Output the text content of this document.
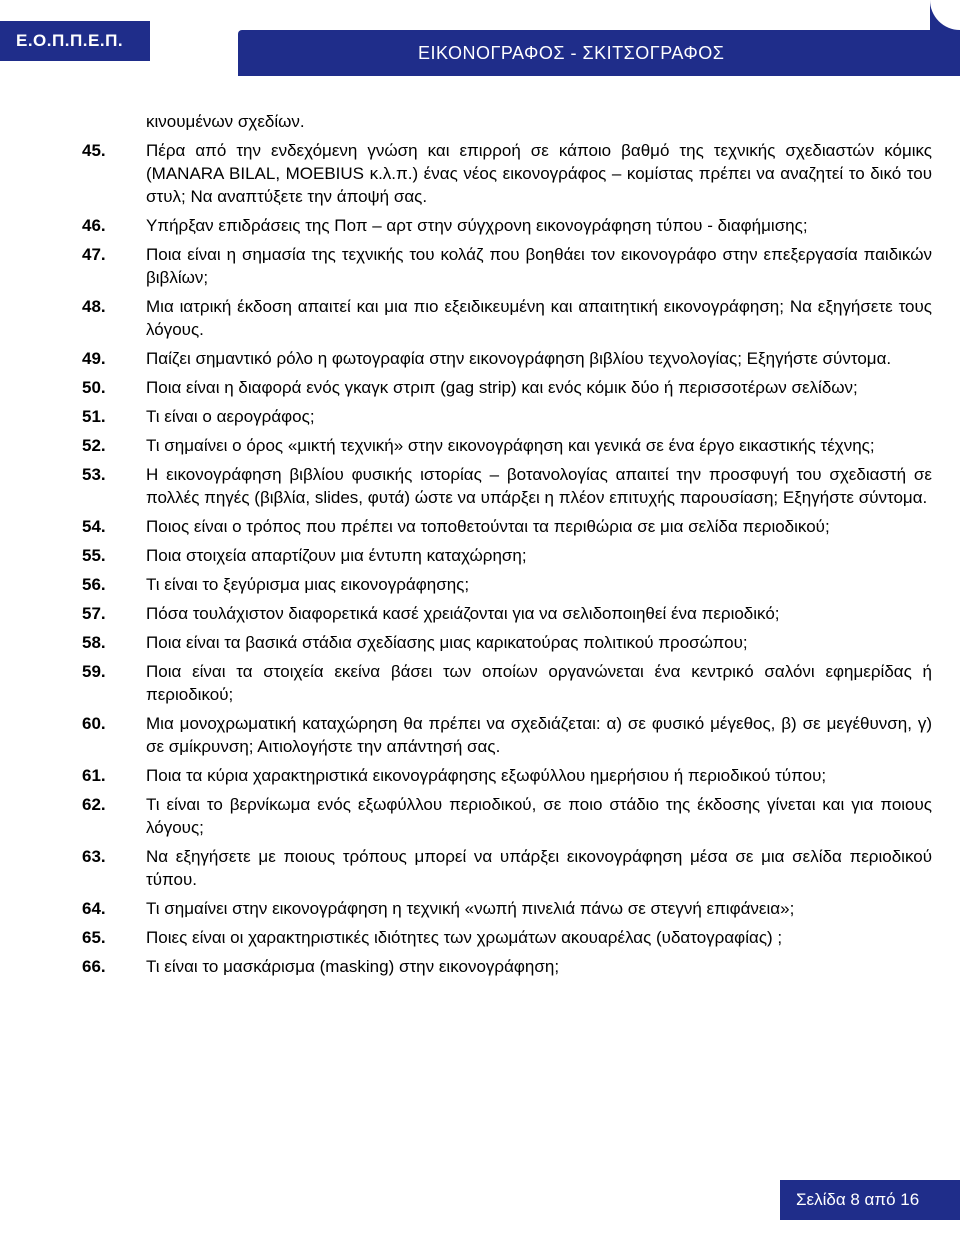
Ε.Ο.Π.Π.Ε.Π.
ΕΙΚΟΝΟΓΡΑΦΟΣ - ΣΚΙΤΣΟΓΡΑΦΟΣ
κινουμένων σχεδίων.
45.	Πέρα από την ενδεχόμενη γνώση και επιρροή σε κάποιο βαθμό της τεχνικής σχεδιαστών κόμικς (MANARA BILAL, MOEBIUS κ.λ.π.) ένας νέος εικονογράφος – κομίστας πρέπει να αναζητεί το δικό του στυλ; Να αναπτύξετε την άποψή σας.
46.	Υπήρξαν επιδράσεις της Ποπ – αρτ στην σύγχρονη εικονογράφηση τύπου - διαφήμισης;
47.	Ποια είναι η σημασία της τεχνικής του κολάζ που βοηθάει τον εικονογράφο στην επεξεργασία παιδικών βιβλίων;
48.	Μια ιατρική έκδοση απαιτεί και μια πιο εξειδικευμένη και απαιτητική εικονογράφηση; Να εξηγήσετε τους λόγους.
49.	Παίζει σημαντικό ρόλο η φωτογραφία στην εικονογράφηση βιβλίου τεχνολογίας; Εξηγήστε σύντομα.
50.	Ποια είναι η διαφορά ενός γκαγκ στριπ (gag strip) και ενός κόμικ δύο ή περισσοτέρων σελίδων;
51.	Τι είναι ο αερογράφος;
52.	Τι σημαίνει ο όρος «μικτή τεχνική» στην εικονογράφηση και γενικά σε ένα έργο εικαστικής τέχνης;
53.	Η εικονογράφηση βιβλίου φυσικής ιστορίας – βοτανολογίας απαιτεί την προσφυγή του σχεδιαστή σε πολλές πηγές (βιβλία, slides, φυτά) ώστε να υπάρξει η πλέον επιτυχής παρουσίαση; Εξηγήστε σύντομα.
54.	Ποιος είναι ο τρόπος που πρέπει να τοποθετούνται τα περιθώρια σε μια σελίδα περιοδικού;
55.	Ποια στοιχεία απαρτίζουν μια έντυπη καταχώρηση;
56.	Τι είναι το ξεγύρισμα μιας εικονογράφησης;
57.	Πόσα τουλάχιστον διαφορετικά κασέ χρειάζονται για να σελιδοποιηθεί ένα περιοδικό;
58.	Ποια είναι τα βασικά στάδια σχεδίασης μιας καρικατούρας πολιτικού προσώπου;
59.	Ποια είναι τα στοιχεία εκείνα βάσει των οποίων οργανώνεται ένα κεντρικό σαλόνι εφημερίδας ή περιοδικού;
60.	Μια μονοχρωματική καταχώρηση θα πρέπει να σχεδιάζεται: α) σε φυσικό μέγεθος, β) σε μεγέθυνση, γ) σε σμίκρυνση; Αιτιολογήστε την απάντησή σας.
61.	Ποια τα κύρια χαρακτηριστικά εικονογράφησης εξωφύλλου ημερήσιου ή περιοδικού τύπου;
62.	Τι είναι το βερνίκωμα ενός εξωφύλλου περιοδικού, σε ποιο στάδιο της έκδοσης γίνεται και για ποιους λόγους;
63.	Να εξηγήσετε με ποιους τρόπους μπορεί να υπάρξει εικονογράφηση μέσα σε μια σελίδα περιοδικού τύπου.
64.	Τι σημαίνει στην εικονογράφηση η τεχνική «νωπή πινελιά πάνω σε στεγνή επιφάνεια»;
65.	Ποιες είναι οι χαρακτηριστικές ιδιότητες των χρωμάτων ακουαρέλας (υδατογραφίας) ;
66.	Τι είναι το μασκάρισμα (masking) στην εικονογράφηση;
Σελίδα 8 από 16
